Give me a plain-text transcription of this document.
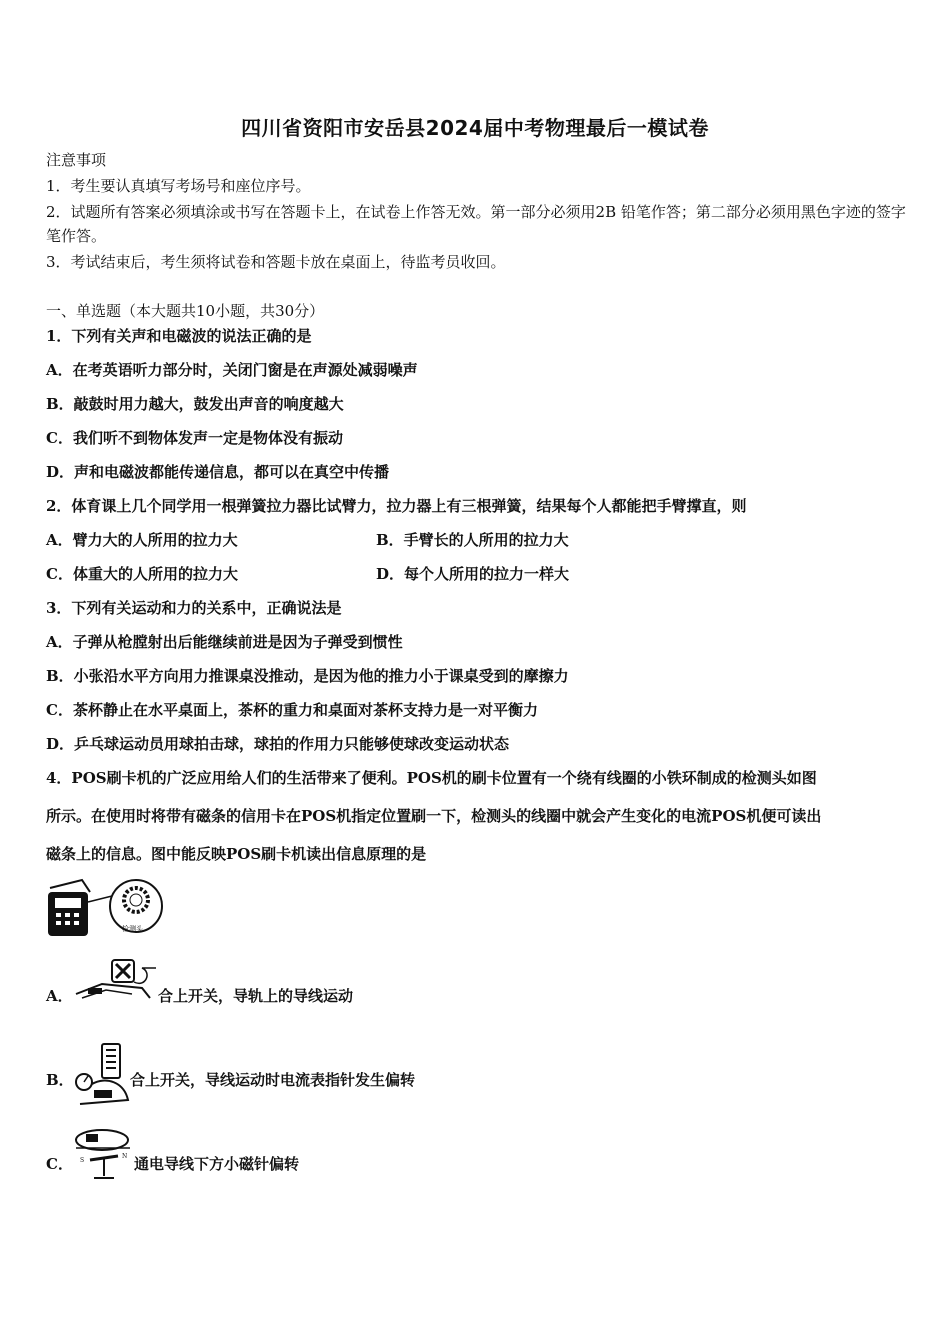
四川省资阳市安岳县2024届中考物理最后一模试卷
注意事项
1．考生要认真填写考场号和座位序号。
2．试题所有答案必须填涂或书写在答题卡上，在试卷上作答无效。第一部分必须用2B 铅笔作答；第二部分必须用黑色字迹的签字笔作答。
3．考试结束后，考生须将试卷和答题卡放在桌面上，待监考员收回。
一、单选题（本大题共10小题，共30分）
1．下列有关声和电磁波的说法正确的是
A．在考英语听力部分时，关闭门窗是在声源处减弱噪声
B．敲鼓时用力越大，鼓发出声音的响度越大
C．我们听不到物体发声一定是物体没有振动
D．声和电磁波都能传递信息，都可以在真空中传播
2．体育课上几个同学用一根弹簧拉力器比试臂力，拉力器上有三根弹簧，结果每个人都能把手臂撑直，则
A．臂力大的人所用的拉力大	B．手臂长的人所用的拉力大
C．体重大的人所用的拉力大	D．每个人所用的拉力一样大
3．下列有关运动和力的关系中，正确说法是
A．子弹从枪膛射出后能继续前进是因为子弹受到惯性
B．小张沿水平方向用力推课桌没推动，是因为他的推力小于课桌受到的摩擦力
C．茶杯静止在水平桌面上，茶杯的重力和桌面对茶杯支持力是一对平衡力
D．乒乓球运动员用球拍击球，球拍的作用力只能够使球改变运动状态
4．POS刷卡机的广泛应用给人们的生活带来了便利。POS机的刷卡位置有一个绕有线圈的小铁环制成的检测头如图
所示。在使用时将带有磁条的信用卡在POS机指定位置刷一下，检测头的线圈中就会产生变化的电流POS机便可读出
磁条上的信息。图中能反映POS刷卡机读出信息原理的是
检测头
A．	合上开关，导轨上的导线运动
B．	合上开关，导线运动时电流表指针发生偏转
C． S
N 通电导线下方小磁针偏转
